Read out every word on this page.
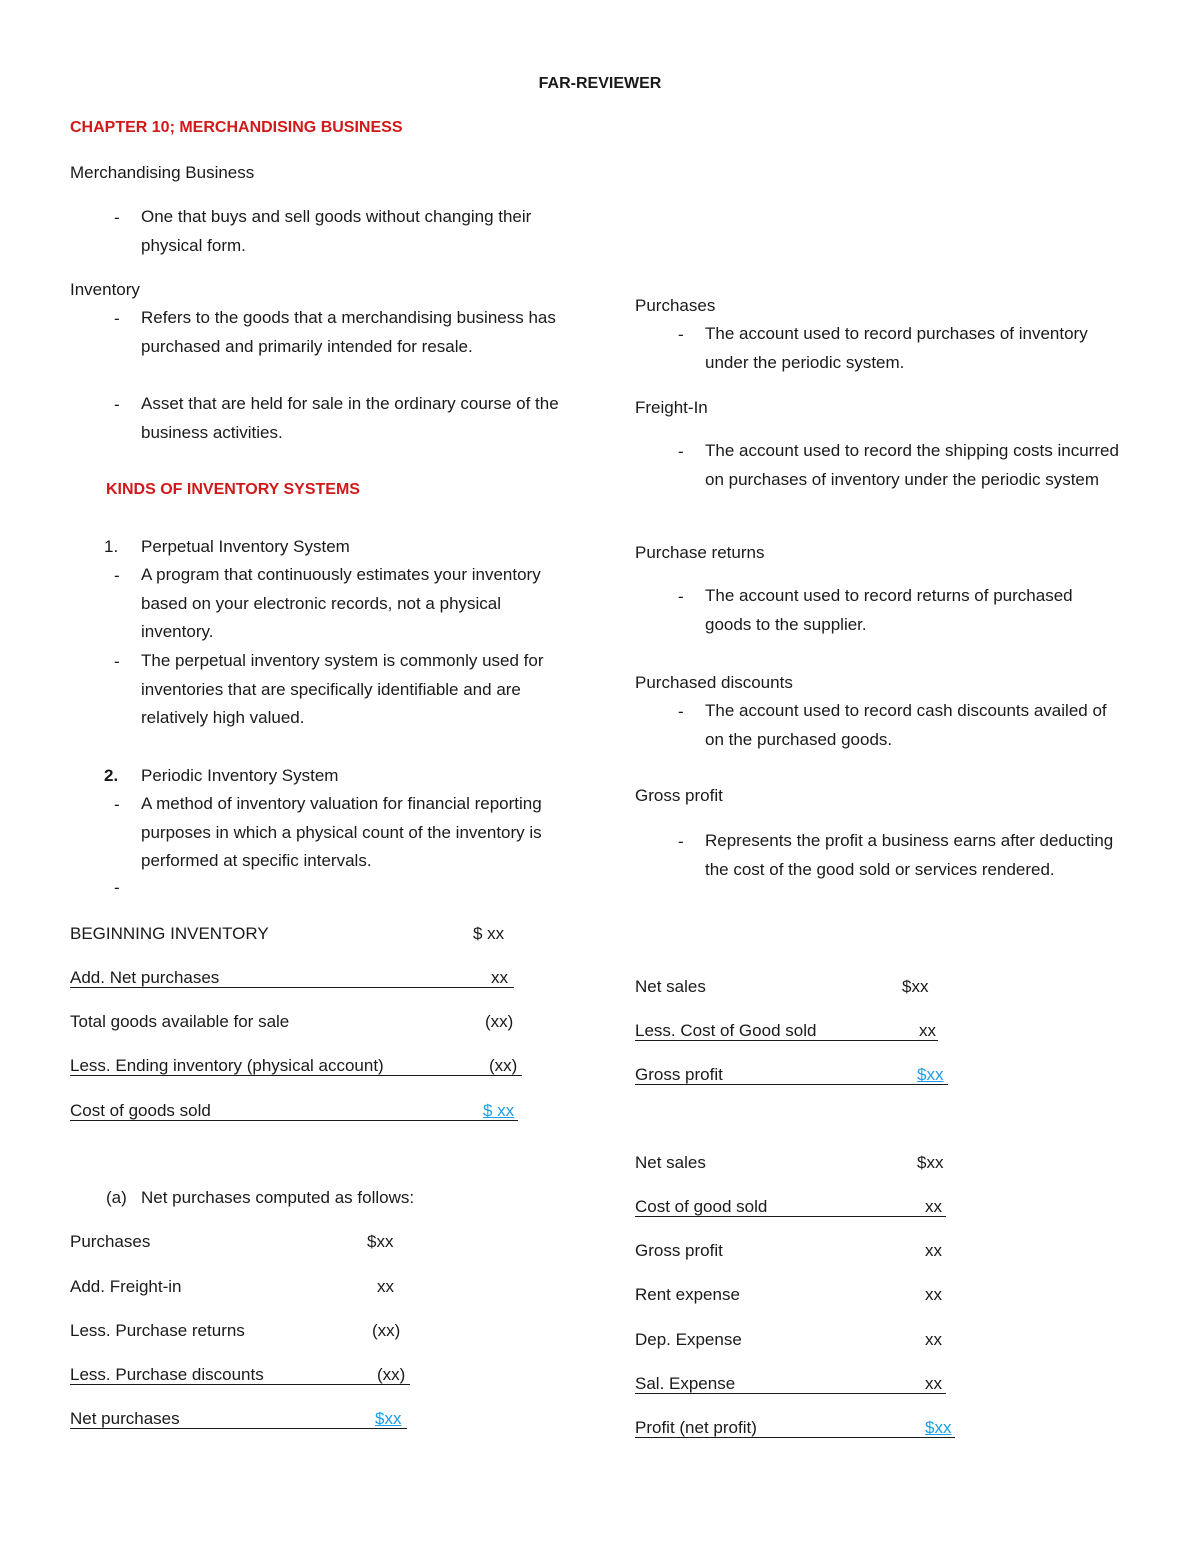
FAR-REVIEWER
CHAPTER 10; MERCHANDISING BUSINESS
Merchandising Business
- One that buys and sell goods without changing their physical form.
Inventory
- Refers to the goods that a merchandising business has purchased and primarily intended for resale.
- Asset that are held for sale in the ordinary course of the business activities.
KINDS OF INVENTORY SYSTEMS
1. Perpetual Inventory System
- A program that continuously estimates your inventory based on your electronic records, not a physical inventory.
- The perpetual inventory system is commonly used for inventories that are specifically identifiable and are relatively high valued.
2. Periodic Inventory System
- A method of inventory valuation for financial reporting purposes in which a physical count of the inventory is performed at specific intervals.
-
BEGINNING INVENTORY	$ xx
Add. Net purchases	xx
Total goods available for sale	(xx)
Less. Ending inventory (physical account)	(xx)
Cost of goods sold	$ xx
(a) Net purchases computed as follows:
Purchases	$xx
Add. Freight-in	xx
Less. Purchase returns	(xx)
Less. Purchase discounts	(xx)
Net purchases	$xx
Purchases
- The account used to record purchases of inventory under the periodic system.
Freight-In
- The account used to record the shipping costs incurred on purchases of inventory under the periodic system
Purchase returns
- The account used to record returns of purchased goods to the supplier.
Purchased discounts
- The account used to record cash discounts availed of on the purchased goods.
Gross profit
- Represents the profit a business earns after deducting the cost of the good sold or services rendered.
Net sales	$xx
Less. Cost of Good sold	xx
Gross profit	$xx
Net sales	$xx
Cost of good sold	xx
Gross profit	xx
Rent expense	xx
Dep. Expense	xx
Sal. Expense	xx
Profit (net profit)	$xx
